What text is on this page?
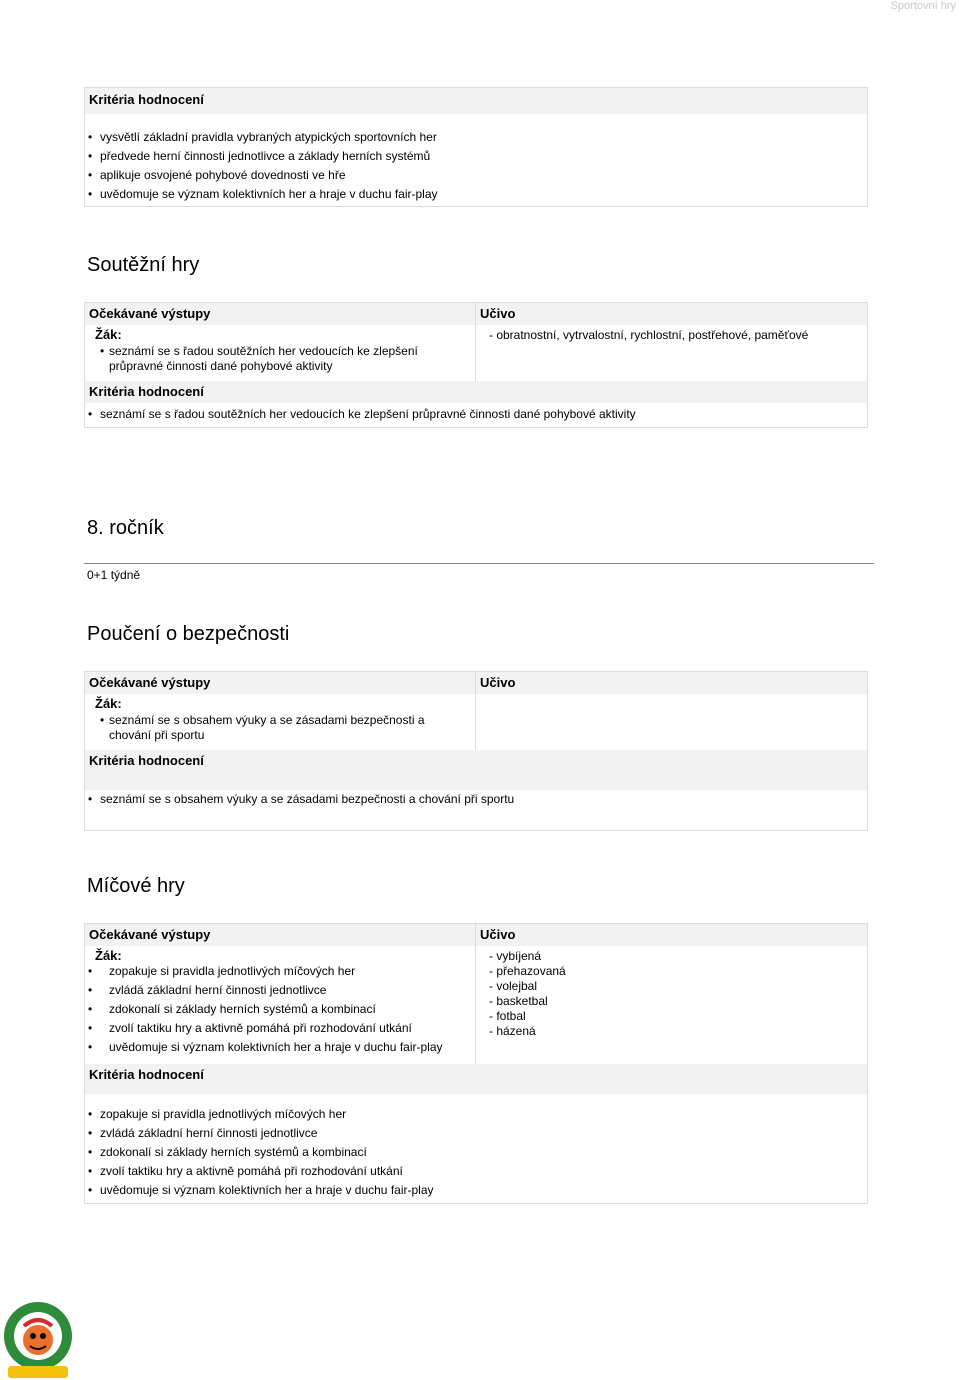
Sportovní hry
Kritéria hodnocení
• vysvětlí základní pravidla vybraných atypických sportovních her
• předvede herní činnosti jednotlivce a základy herních systémů
• aplikuje osvojené pohybové dovednosti ve hře
• uvědomuje se význam kolektivních her a hraje v duchu fair-play
Soutěžní hry
Očekávané výstupy	Učivo
Žák:
• seznámí se s řadou soutěžních her vedoucích ke zlepšení
průpravné činnosti dané pohybové aktivity
- obratnostní, vytrvalostní, rychlostní, postřehové, paměťové
Kritéria hodnocení
• seznámí se s řadou soutěžních her vedoucích ke zlepšení průpravné činnosti dané pohybové aktivity
8. ročník
0+1 týdně
Poučení o bezpečnosti
Očekávané výstupy	Učivo
Žák:
• seznámí se s obsahem výuky a se zásadami bezpečnosti a
chování při sportu
Kritéria hodnocení
• seznámí se s obsahem výuky a se zásadami bezpečnosti a chování při sportu
Míčové hry
Očekávané výstupy	Učivo
Žák:
• zopakuje si pravidla jednotlivých míčových her
• zvládá základní herní činnosti jednotlivce
• zdokonalí si základy herních systémů a kombinací
• zvolí taktiku hry a aktivně pomáhá při rozhodování utkání
• uvědomuje si význam kolektivních her a hraje v duchu fair-play
- vybíjená
- přehazovaná
- volejbal
- basketbal
- fotbal
- házená
Kritéria hodnocení
• zopakuje si pravidla jednotlivých míčových her
• zvládá základní herní činnosti jednotlivce
• zdokonalí si základy herních systémů a kombinací
• zvolí taktiku hry a aktivně pomáhá při rozhodování utkání
• uvědomuje si význam kolektivních her a hraje v duchu fair-play
